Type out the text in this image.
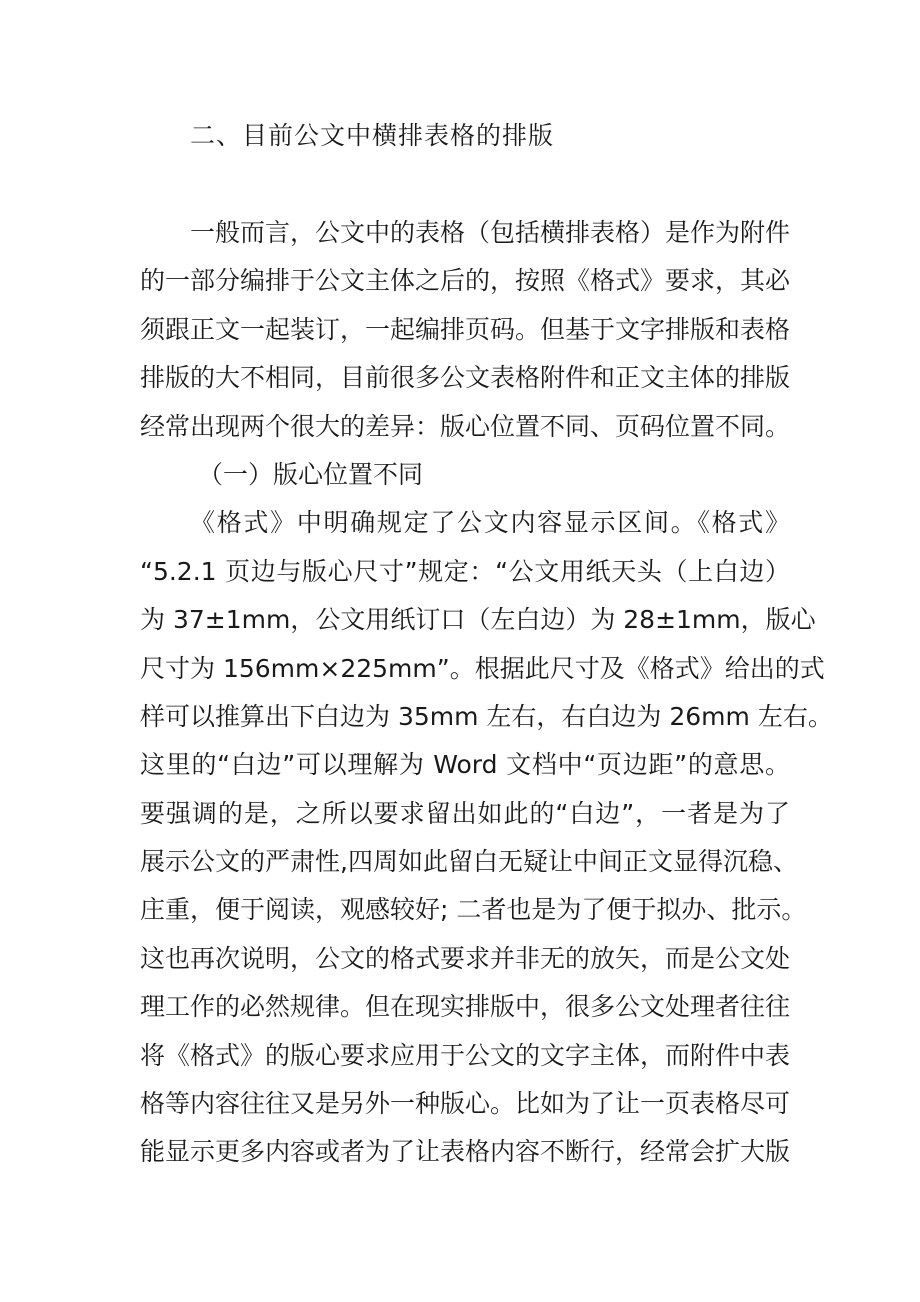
二、目前公文中横排表格的排版
一般而言，公文中的表格（包括横排表格）是作为附件
的一部分编排于公文主体之后的，按照《格式》要求，其必
须跟正文一起装订，一起编排页码。但基于文字排版和表格
排版的大不相同，目前很多公文表格附件和正文主体的排版
经常出现两个很大的差异：版心位置不同、页码位置不同。
（一）版心位置不同
《格式》中明确规定了公文内容显示区间。《格式》
“5.2.1 页边与版心尺寸”规定：“公文用纸天头（上白边）
为 37±1mm，公文用纸订口（左白边）为 28±1mm，版心
尺寸为 156mm×225mm”。根据此尺寸及《格式》给出的式
样可以推算出下白边为 35mm 左右，右白边为 26mm 左右。
这里的“白边”可以理解为 Word 文档中“页边距”的意思。
要强调的是，之所以要求留出如此的“白边”，一者是为了
展示公文的严肃性,四周如此留白无疑让中间正文显得沉稳、
庄重，便于阅读，观感较好; 二者也是为了便于拟办、批示。
这也再次说明，公文的格式要求并非无的放矢，而是公文处
理工作的必然规律。但在现实排版中，很多公文处理者往往
将《格式》的版心要求应用于公文的文字主体，而附件中表
格等内容往往又是另外一种版心。比如为了让一页表格尽可
能显示更多内容或者为了让表格内容不断行，经常会扩大版
